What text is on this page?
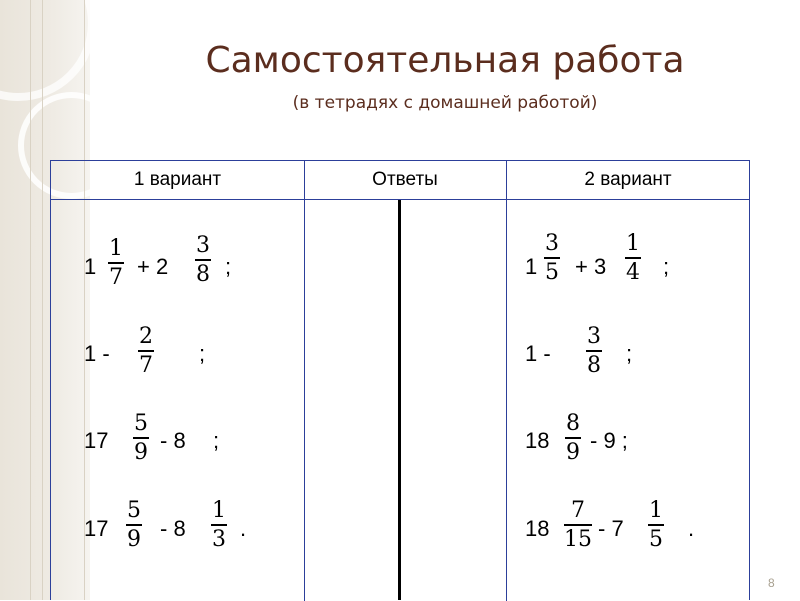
Самостоятельная работа
(в тетрадях с домашней работой)
1 вариант	Ответы	2 вариант
1
1
7 + 2
3
8 ;
1 -
2
7 ;
17
5
9 - 8 ;
17
5
9 - 8
1
3 .
1
3
5 + 3
1
4 ;
1 -
3
8 ;
18
8
9 - 9 ;
18
7
15 - 7
1
5 .
8
